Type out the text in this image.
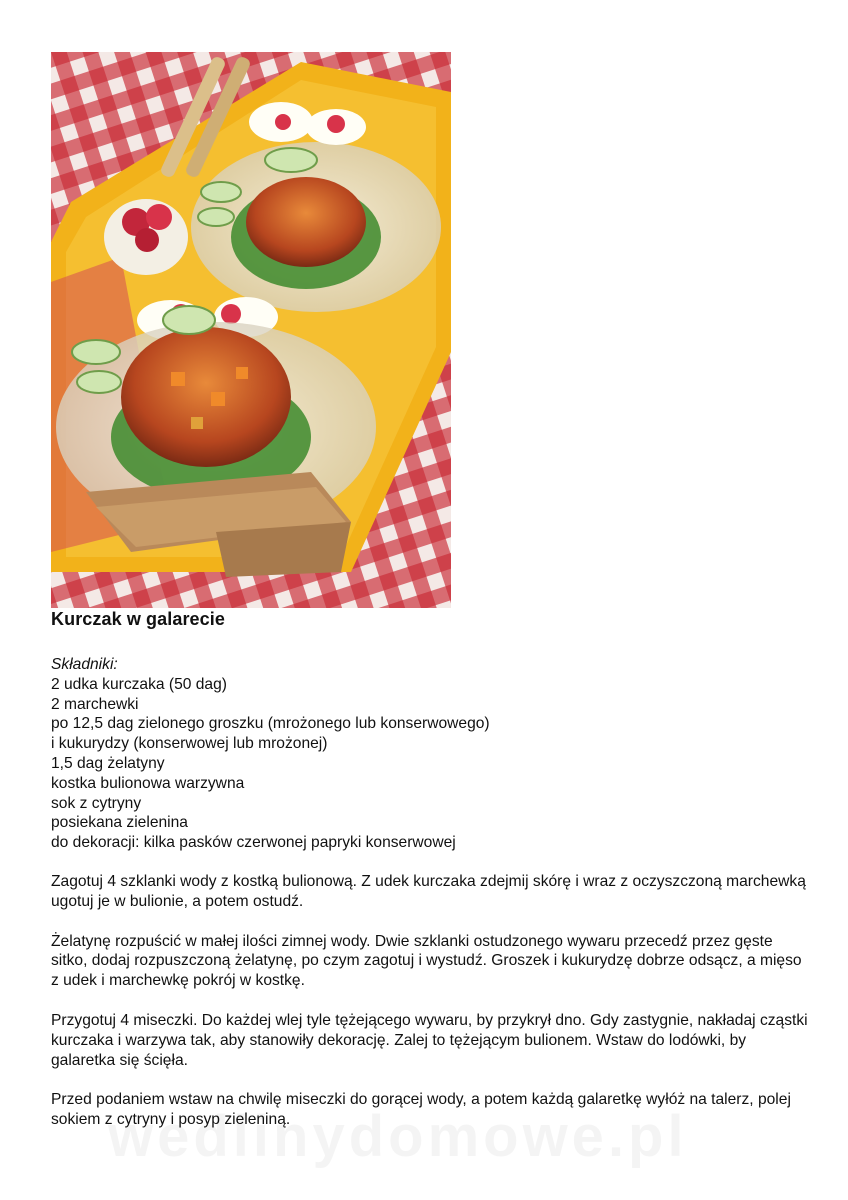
Kurczak w galarecie
Składniki:
2 udka kurczaka (50 dag)
2 marchewki
po 12,5 dag zielonego groszku (mrożonego lub konserwowego)
i kukurydzy (konserwowej lub mrożonej)
1,5 dag żelatyny
kostka bulionowa warzywna
sok z cytryny
posiekana zielenina
do dekoracji: kilka pasków czerwonej papryki konserwowej

Zagotuj 4 szklanki wody z kostką bulionową. Z udek kurczaka zdejmij skórę i wraz z oczyszczoną marchewką ugotuj je w bulionie, a potem ostudź.

Żelatynę rozpuścić w małej ilości zimnej wody. Dwie szklanki ostudzonego wywaru przecedź przez gęste sitko, dodaj rozpuszczoną żelatynę, po czym zagotuj i wystudź. Groszek i kukurydzę dobrze odsącz, a mięso z udek i marchewkę pokrój w kostkę.

Przygotuj 4 miseczki. Do każdej wlej tyle tężejącego wywaru, by przykrył dno. Gdy zastygnie, nakładaj cząstki kurczaka i warzywa tak, aby stanowiły dekorację. Zalej to tężejącym bulionem. Wstaw do lodówki, by galaretka się ścięła.

Przed podaniem wstaw na chwilę miseczki do gorącej wody, a potem każdą galaretkę wyłóż na talerz, polej sokiem z cytryny i posyp zieleniną.
